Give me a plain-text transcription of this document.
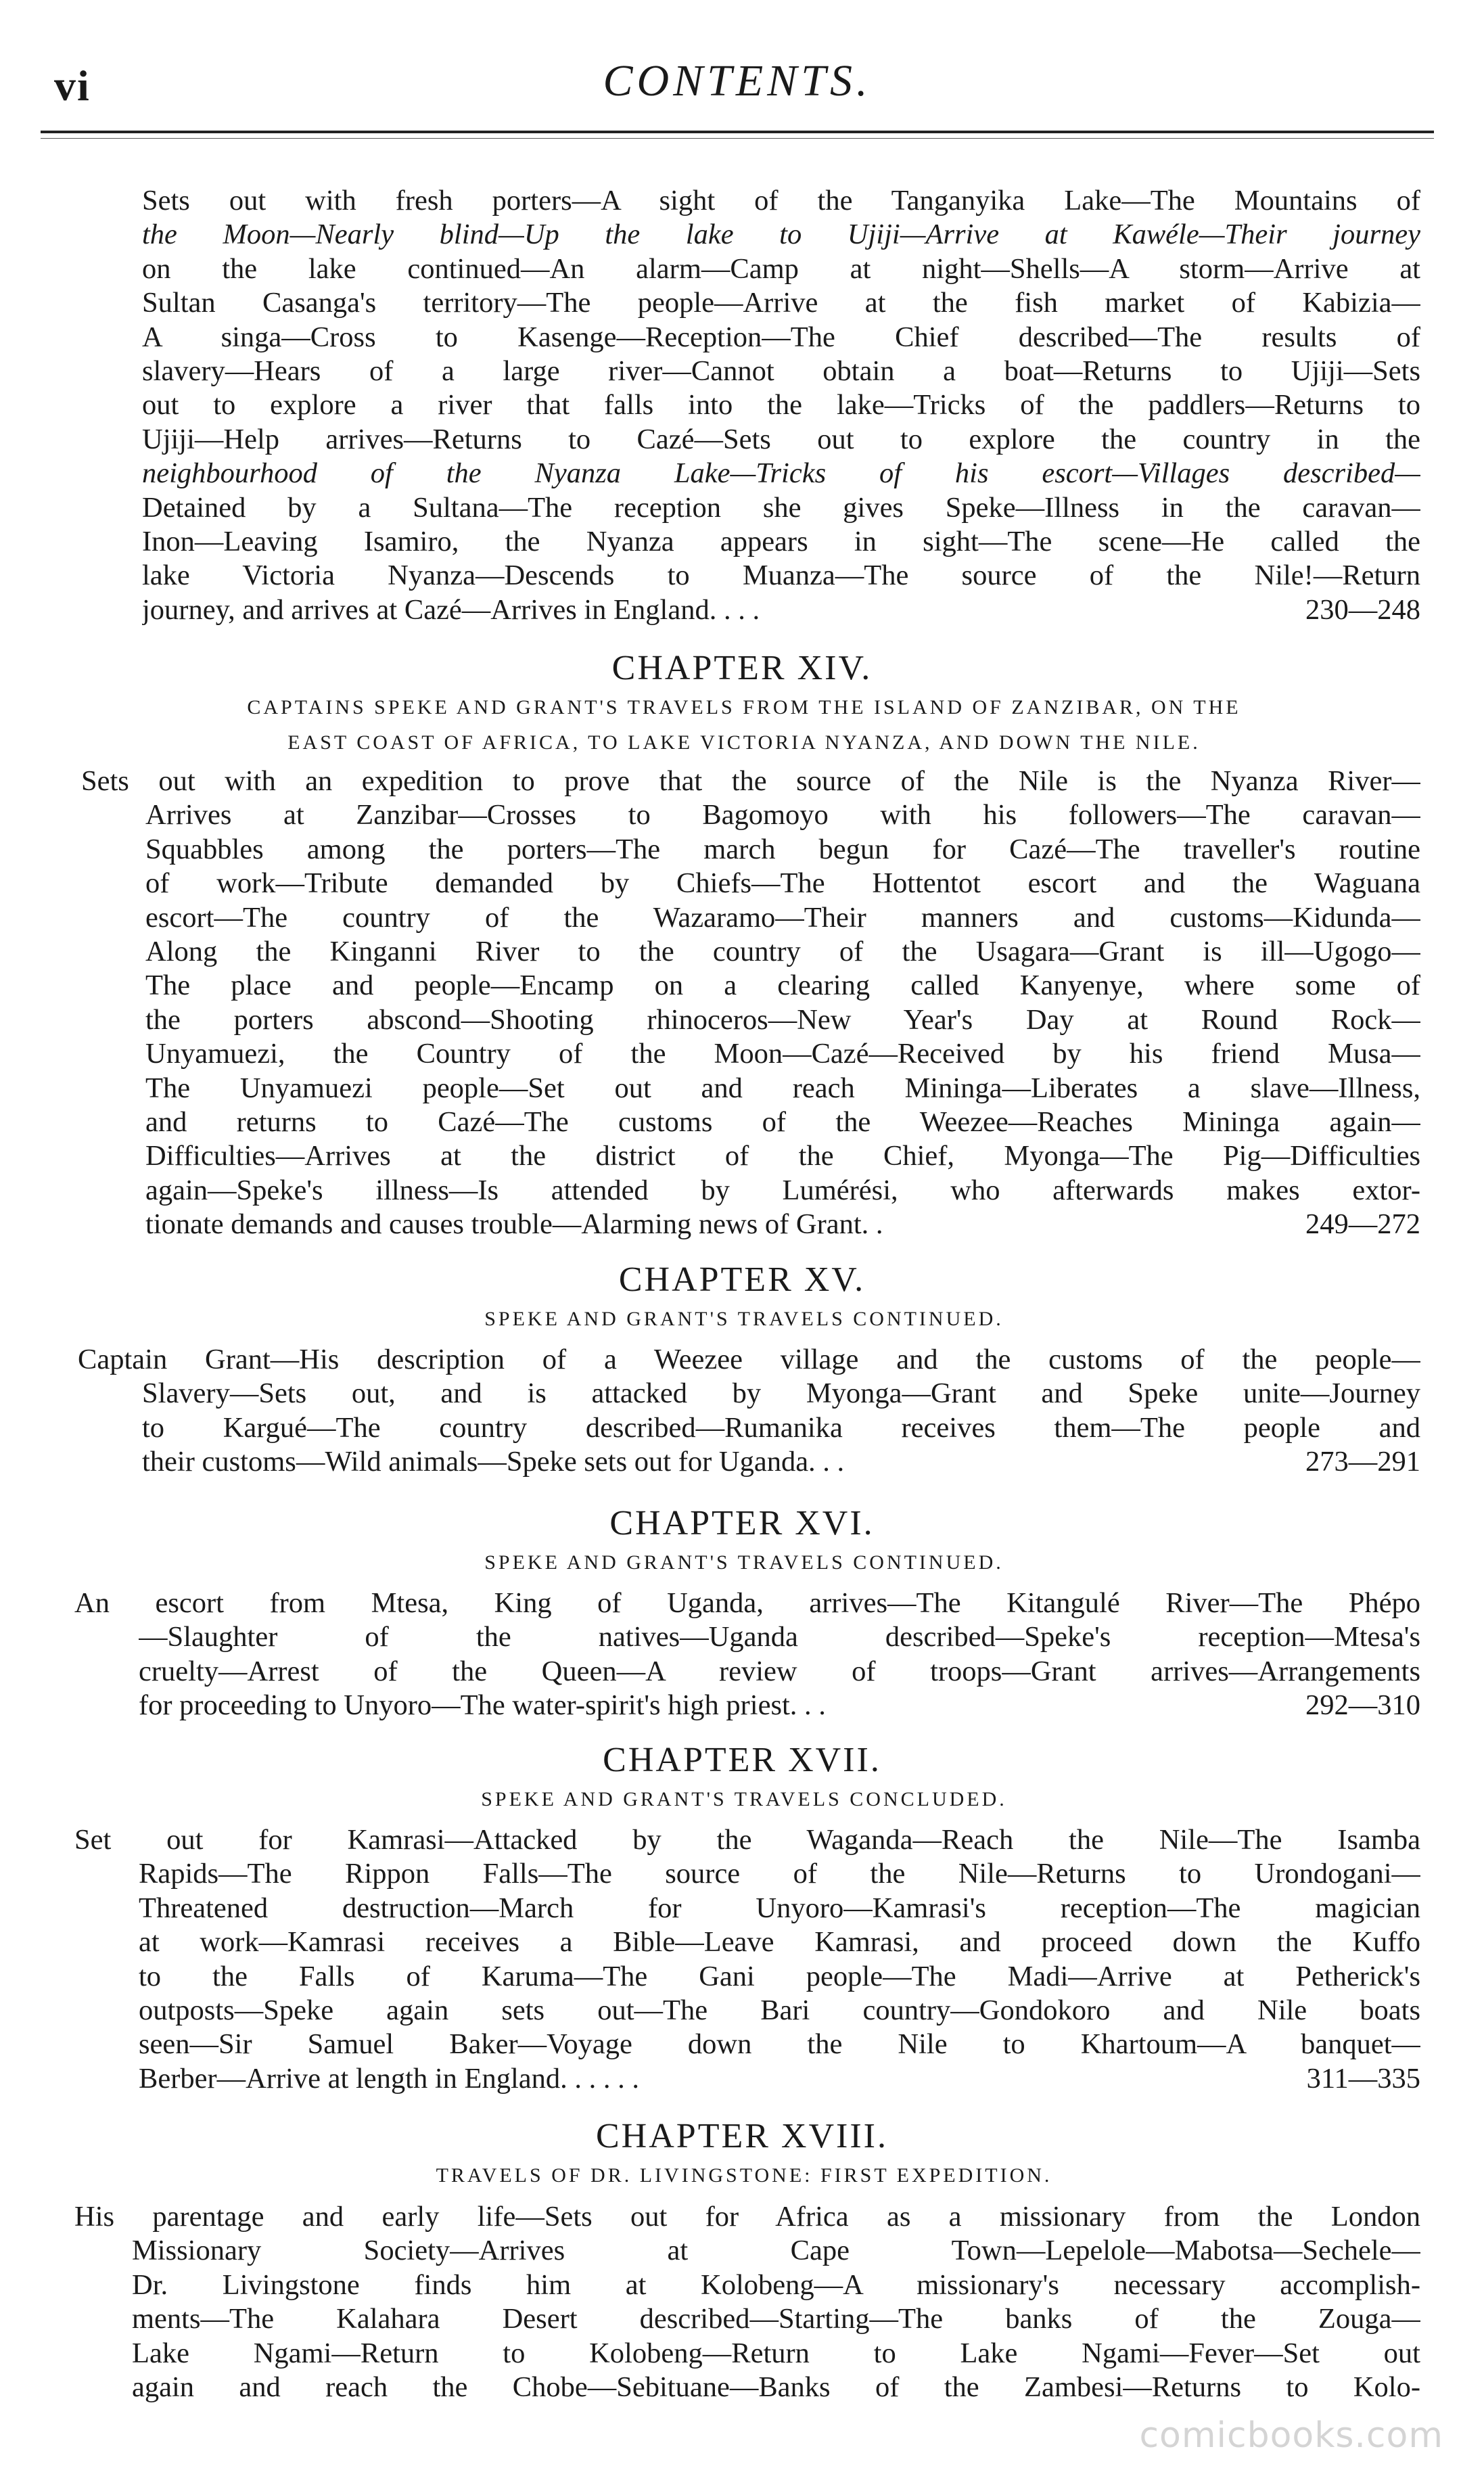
vi	CONTENTS.
Sets out with fresh porters—A sight of the Tanganyika Lake—The Mountains of
the Moon—Nearly blind—Up the lake to Ujiji—Arrive at Kawéle—Their journey
on the lake continued—An alarm—Camp at night—Shells—A storm—Arrive at
Sultan Casanga's territory—The people—Arrive at the fish market of Kabizia—
A singa—Cross to Kasenge—Reception—The Chief described—The results of
slavery—Hears of a large river—Cannot obtain a boat—Returns to Ujiji—Sets
out to explore a river that falls into the lake—Tricks of the paddlers—Returns to
Ujiji—Help arrives—Returns to Cazé—Sets out to explore the country in the
neighbourhood of the Nyanza Lake—Tricks of his escort—Villages described—
Detained by a Sultana—The reception she gives Speke—Illness in the caravan—
Inon—Leaving Isamiro, the Nyanza appears in sight—The scene—He called the
lake Victoria Nyanza—Descends to Muanza—The source of the Nile!—Return
230—248
journey, and arrives at Cazé—Arrives in England. . . .
CHAPTER XIV.
CAPTAINS SPEKE AND GRANT'S TRAVELS FROM THE ISLAND OF ZANZIBAR, ON THE
EAST COAST OF AFRICA, TO LAKE VICTORIA NYANZA, AND DOWN THE NILE.
Sets out with an expedition to prove that the source of the Nile is the Nyanza River—
Arrives at Zanzibar—Crosses to Bagomoyo with his followers—The caravan—
Squabbles among the porters—The march begun for Cazé—The traveller's routine
of work—Tribute demanded by Chiefs—The Hottentot escort and the Waguana
escort—The country of the Wazaramo—Their manners and customs—Kidunda—
Along the Kinganni River to the country of the Usagara—Grant is ill—Ugogo—
The place and people—Encamp on a clearing called Kanyenye, where some of
the porters abscond—Shooting rhinoceros—New Year's Day at Round Rock—
Unyamuezi, the Country of the Moon—Cazé—Received by his friend Musa—
The Unyamuezi people—Set out and reach Mininga—Liberates a slave—Illness,
and returns to Cazé—The customs of the Weezee—Reaches Mininga again—
Difficulties—Arrives at the district of the Chief, Myonga—The Pig—Difficulties
again—Speke's illness—Is attended by Lumérési, who afterwards makes extor-
249—272
tionate demands and causes trouble—Alarming news of Grant. .
CHAPTER XV.
SPEKE AND GRANT'S TRAVELS CONTINUED.
Captain Grant—His description of a Weezee village and the customs of the people—
Slavery—Sets out, and is attacked by Myonga—Grant and Speke unite—Journey
to Kargué—The country described—Rumanika receives them—The people and
273—291
their customs—Wild animals—Speke sets out for Uganda. . .
CHAPTER XVI.
SPEKE AND GRANT'S TRAVELS CONTINUED.
An escort from Mtesa, King of Uganda, arrives—The Kitangulé River—The Phépo
—Slaughter of the natives—Uganda described—Speke's reception—Mtesa's
cruelty—Arrest of the Queen—A review of troops—Grant arrives—Arrangements
292—310
for proceeding to Unyoro—The water-spirit's high priest. . .
CHAPTER XVII.
SPEKE AND GRANT'S TRAVELS CONCLUDED.
Set out for Kamrasi—Attacked by the Waganda—Reach the Nile—The Isamba
Rapids—The Rippon Falls—The source of the Nile—Returns to Urondogani—
Threatened destruction—March for Unyoro—Kamrasi's reception—The magician
at work—Kamrasi receives a Bible—Leave Kamrasi, and proceed down the Kuffo
to the Falls of Karuma—The Gani people—The Madi—Arrive at Petherick's
outposts—Speke again sets out—The Bari country—Gondokoro and Nile boats
seen—Sir Samuel Baker—Voyage down the Nile to Khartoum—A banquet—
311—335
Berber—Arrive at length in England. . . . . .
CHAPTER XVIII.
TRAVELS OF DR. LIVINGSTONE: FIRST EXPEDITION.
His parentage and early life—Sets out for Africa as a missionary from the London
Missionary Society—Arrives at Cape Town—Lepelole—Mabotsa—Sechele—
Dr. Livingstone finds him at Kolobeng—A missionary's necessary accomplish-
ments—The Kalahara Desert described—Starting—The banks of the Zouga—
Lake Ngami—Return to Kolobeng—Return to Lake Ngami—Fever—Set out
again and reach the Chobe—Sebituane—Banks of the Zambesi—Returns to Kolo-
comicbooks.com
